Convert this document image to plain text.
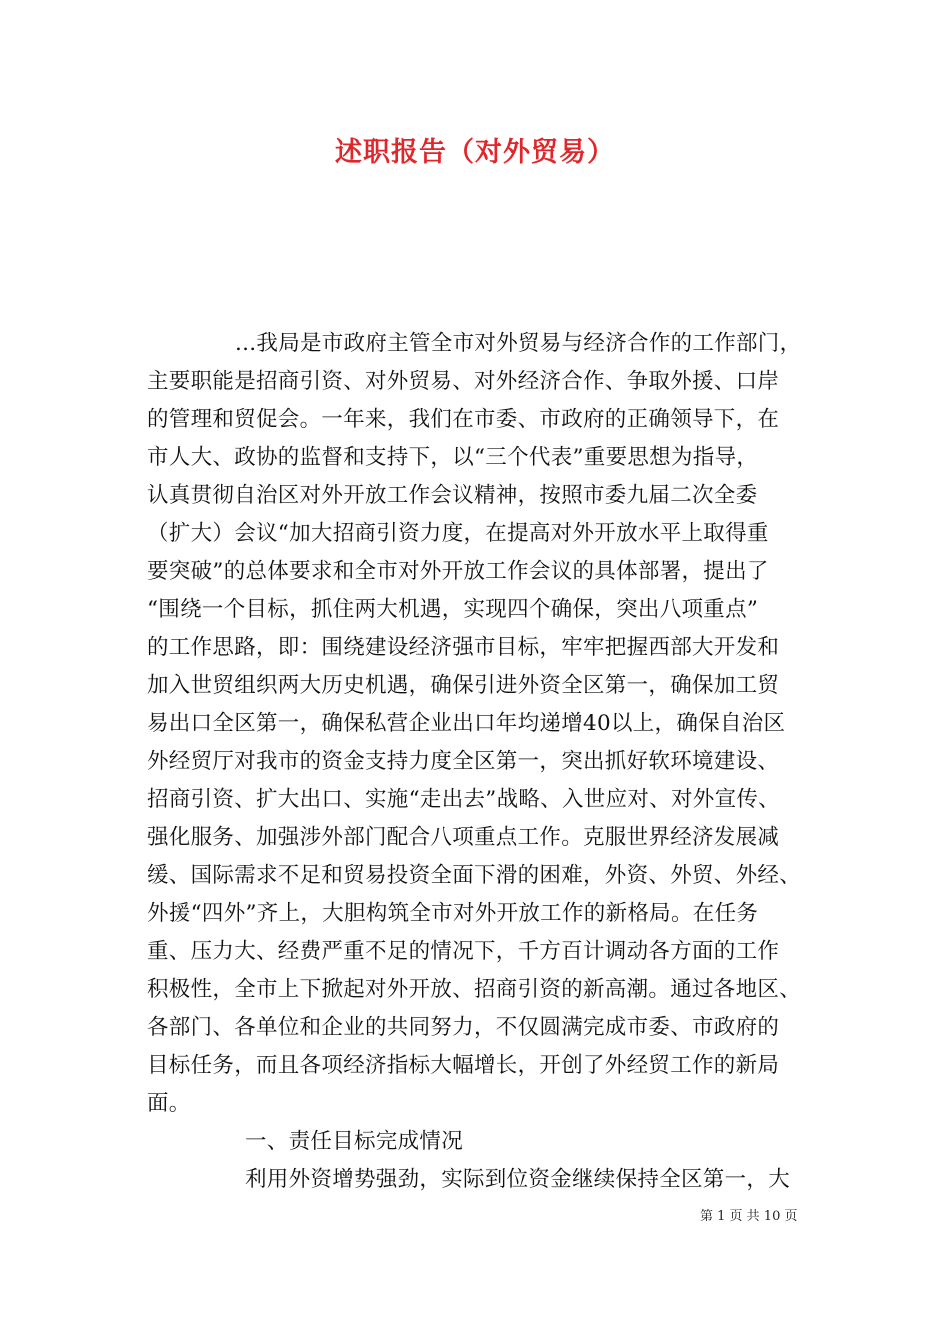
述职报告（对外贸易）
...我局是市政府主管全市对外贸易与经济合作的工作部门，
主要职能是招商引资、对外贸易、对外经济合作、争取外援、口岸
的管理和贸促会。一年来，我们在市委、市政府的正确领导下，在
市人大、政协的监督和支持下，以“三个代表”重要思想为指导，
认真贯彻自治区对外开放工作会议精神，按照市委九届二次全委
（扩大）会议“加大招商引资力度，在提高对外开放水平上取得重
要突破”的总体要求和全市对外开放工作会议的具体部署，提出了
“围绕一个目标，抓住两大机遇，实现四个确保，突出八项重点”
的工作思路，即：围绕建设经济强市目标，牢牢把握西部大开发和
加入世贸组织两大历史机遇，确保引进外资全区第一，确保加工贸
易出口全区第一，确保私营企业出口年均递增40以上，确保自治区
外经贸厅对我市的资金支持力度全区第一，突出抓好软环境建设、
招商引资、扩大出口、实施“走出去”战略、入世应对、对外宣传、
强化服务、加强涉外部门配合八项重点工作。克服世界经济发展减
缓、国际需求不足和贸易投资全面下滑的困难，外资、外贸、外经、
外援“四外”齐上，大胆构筑全市对外开放工作的新格局。在任务
重、压力大、经费严重不足的情况下，千方百计调动各方面的工作
积极性，全市上下掀起对外开放、招商引资的新高潮。通过各地区、
各部门、各单位和企业的共同努力，不仅圆满完成市委、市政府的
目标任务，而且各项经济指标大幅增长，开创了外经贸工作的新局
面。
一、责任目标完成情况
利用外资增势强劲，实际到位资金继续保持全区第一，大
第 1 页 共 10 页
